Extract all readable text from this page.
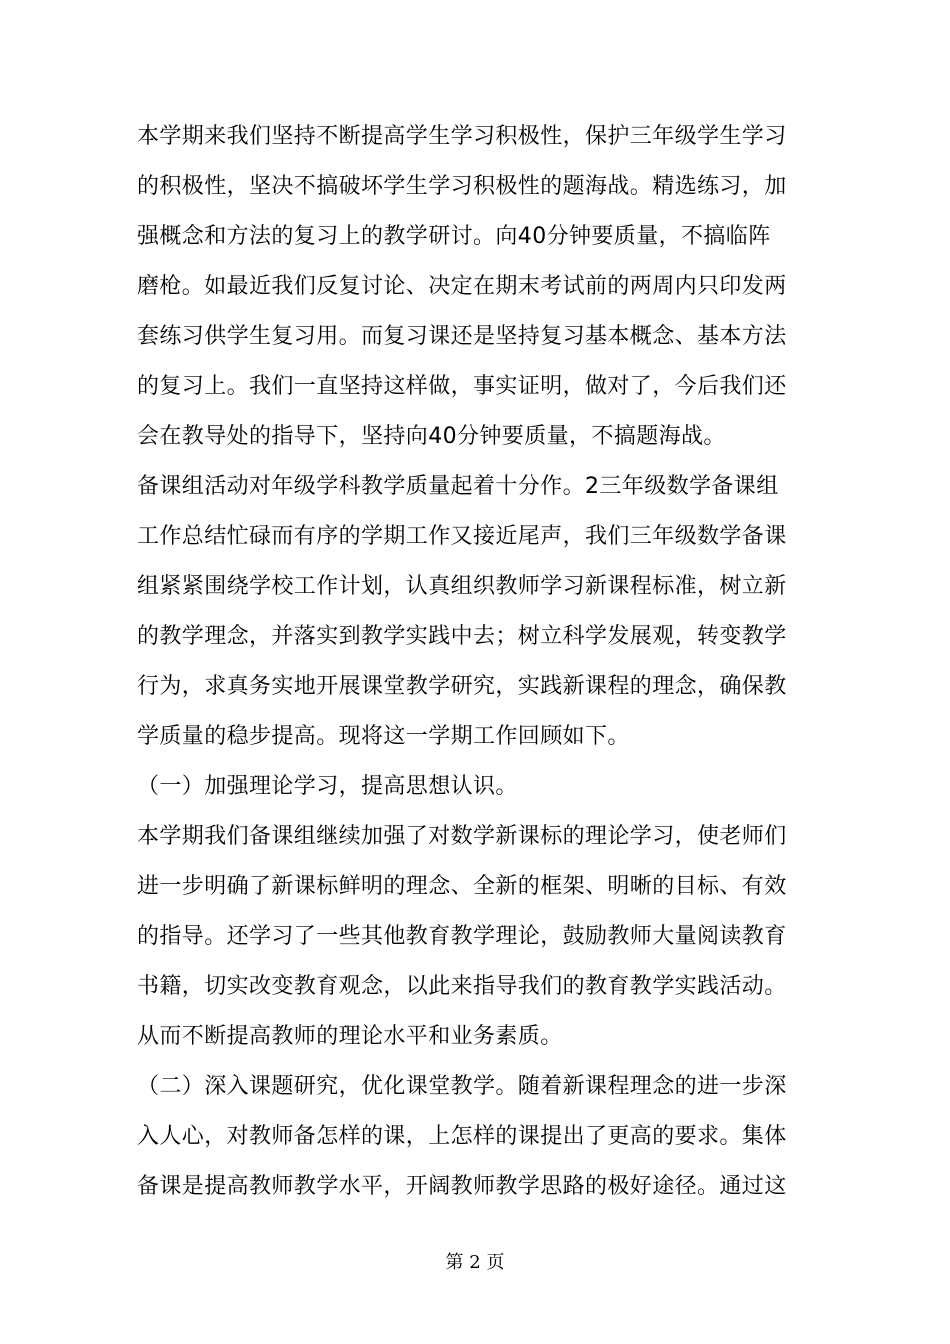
本学期来我们坚持不断提高学生学习积极性，保护三年级学生学习
的积极性，坚决不搞破坏学生学习积极性的题海战。精选练习，加
强概念和方法的复习上的教学研讨。向40分钟要质量，不搞临阵
磨枪。如最近我们反复讨论、决定在期末考试前的两周内只印发两
套练习供学生复习用。而复习课还是坚持复习基本概念、基本方法
的复习上。我们一直坚持这样做，事实证明，做对了，今后我们还
会在教导处的指导下，坚持向40分钟要质量，不搞题海战。
备课组活动对年级学科教学质量起着十分作。2三年级数学备课组
工作总结忙碌而有序的学期工作又接近尾声，我们三年级数学备课
组紧紧围绕学校工作计划，认真组织教师学习新课程标准，树立新
的教学理念，并落实到教学实践中去；树立科学发展观，转变教学
行为，求真务实地开展课堂教学研究，实践新课程的理念，确保教
学质量的稳步提高。现将这一学期工作回顾如下。
（一）加强理论学习，提高思想认识。
本学期我们备课组继续加强了对数学新课标的理论学习，使老师们
进一步明确了新课标鲜明的理念、全新的框架、明晰的目标、有效
的指导。还学习了一些其他教育教学理论，鼓励教师大量阅读教育
书籍，切实改变教育观念，以此来指导我们的教育教学实践活动。
从而不断提高教师的理论水平和业务素质。
（二）深入课题研究，优化课堂教学。随着新课程理念的进一步深
入人心，对教师备怎样的课，上怎样的课提出了更高的要求。集体
备课是提高教师教学水平，开阔教师教学思路的极好途径。通过这
第 2 页
